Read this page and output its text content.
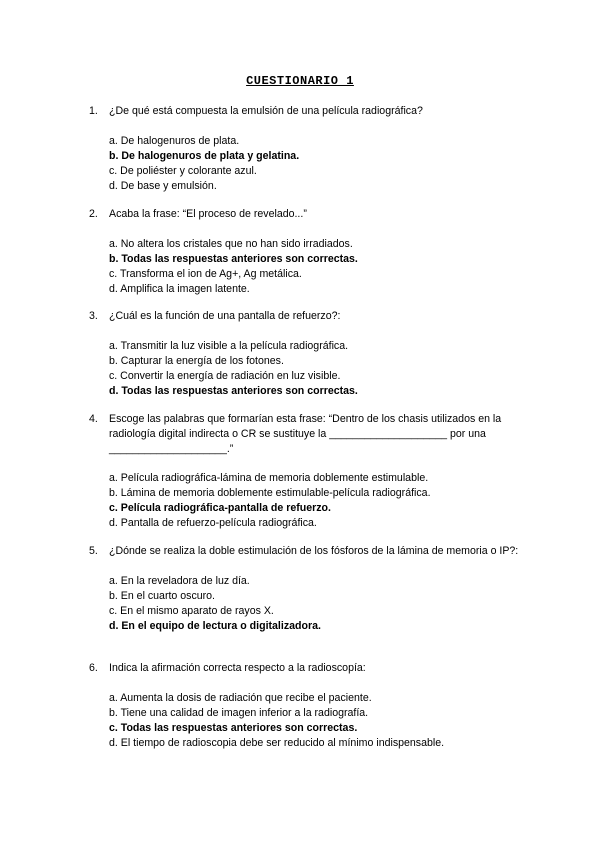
CUESTIONARIO 1
1. ¿De qué está compuesta la emulsión de una película radiográfica?
a. De halogenuros de plata.
b. De halogenuros de plata y gelatina.
c. De poliéster y colorante azul.
d. De base y emulsión.
2. Acaba la frase: “El proceso de revelado...”
a. No altera los cristales que no han sido irradiados.
b. Todas las respuestas anteriores son correctas.
c. Transforma el ion de Ag+, Ag metálica.
d. Amplifica la imagen latente.
3. ¿Cuál es la función de una pantalla de refuerzo?:
a. Transmitir la luz visible a la película radiográfica.
b. Capturar la energía de los fotones.
c. Convertir la energía de radiación en luz visible.
d. Todas las respuestas anteriores son correctas.
4. Escoge las palabras que formarían esta frase: “Dentro de los chasis utilizados en la radiología digital indirecta o CR se sustituye la ____________________ por una ____________________.”
a. Película radiográfica-lámina de memoria doblemente estimulable.
b. Lámina de memoria doblemente estimulable-película radiográfica.
c. Película radiográfica-pantalla de refuerzo.
d. Pantalla de refuerzo-película radiográfica.
5. ¿Dónde se realiza la doble estimulación de los fósforos de la lámina de memoria o IP?:
a. En la reveladora de luz día.
b. En el cuarto oscuro.
c. En el mismo aparato de rayos X.
d. En el equipo de lectura o digitalizadora.
6. Indica la afirmación correcta respecto a la radioscopía:
a. Aumenta la dosis de radiación que recibe el paciente.
b. Tiene una calidad de imagen inferior a la radiografía.
c. Todas las respuestas anteriores son correctas.
d. El tiempo de radioscopia debe ser reducido al mínimo indispensable.
